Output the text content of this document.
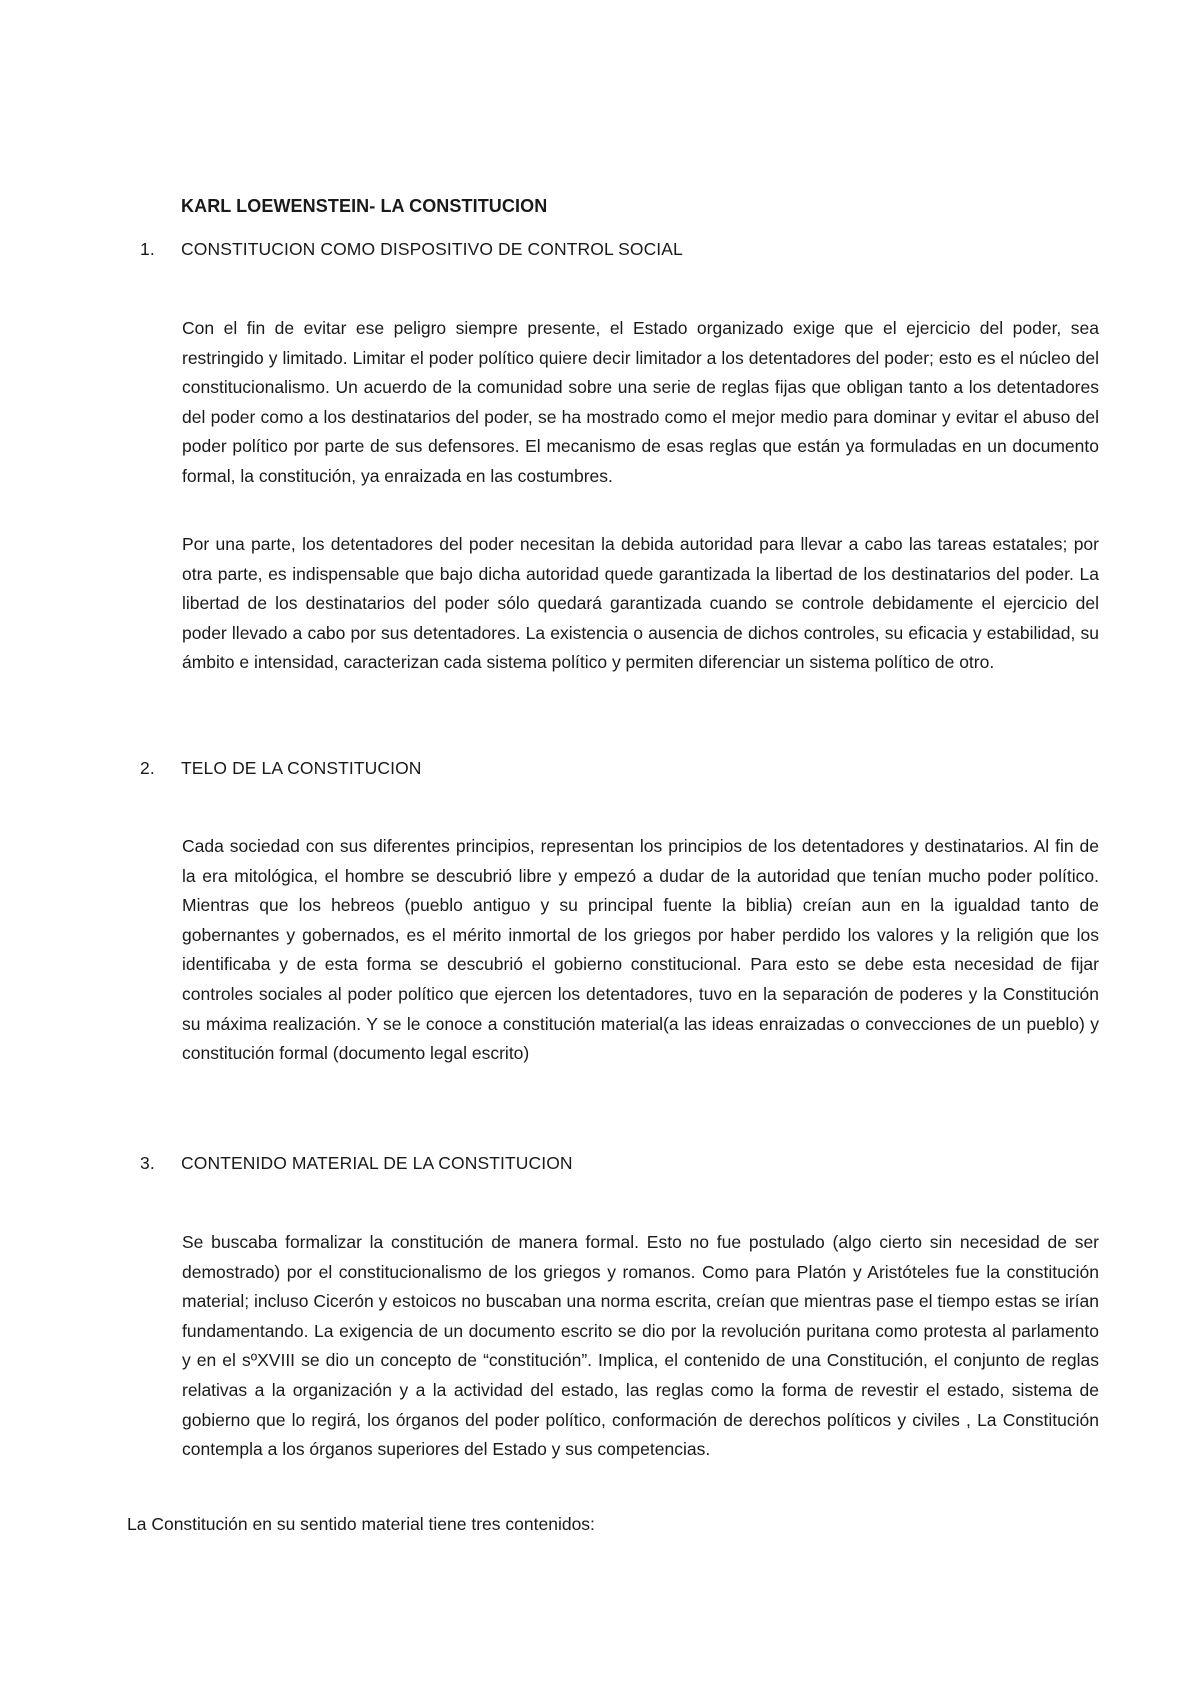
KARL LOEWENSTEIN- LA CONSTITUCION
1. CONSTITUCION COMO DISPOSITIVO DE CONTROL SOCIAL

Con el fin de evitar ese peligro siempre presente, el Estado organizado exige que el ejercicio del poder, sea restringido y limitado. Limitar el poder político quiere decir limitador a los detentadores del poder; esto es el núcleo del constitucionalismo. Un acuerdo de la comunidad sobre una serie de reglas fijas que obligan tanto a los detentadores del poder como a los destinatarios del poder, se ha mostrado como el mejor medio para dominar y evitar el abuso del poder político por parte de sus defensores. El mecanismo de esas reglas que están ya formuladas en un documento formal, la constitución, ya enraizada en las costumbres.

Por una parte, los detentadores del poder necesitan la debida autoridad para llevar a cabo las tareas estatales; por otra parte, es indispensable que bajo dicha autoridad quede garantizada la libertad de los destinatarios del poder. La libertad de los destinatarios del poder sólo quedará garantizada cuando se controle debidamente el ejercicio del poder llevado a cabo por sus detentadores. La existencia o ausencia de dichos controles, su eficacia y estabilidad, su ámbito e intensidad, caracterizan cada sistema político y permiten diferenciar un sistema político de otro.

2. TELO DE LA CONSTITUCION

Cada sociedad con sus diferentes principios, representan los principios de los detentadores y destinatarios. Al fin de la era mitológica, el hombre se descubrió libre y empezó a dudar de la autoridad que tenían mucho poder político. Mientras que los hebreos (pueblo antiguo y su principal fuente la biblia) creían aun en la igualdad tanto de gobernantes y gobernados, es el mérito inmortal de los griegos por haber perdido los valores y la religión que los identificaba y de esta forma se descubrió el gobierno constitucional. Para esto se debe esta necesidad de fijar controles sociales al poder político que ejercen los detentadores, tuvo en la separación de poderes y la Constitución su máxima realización. Y se le conoce a constitución material(a las ideas enraizadas o convecciones de un pueblo) y constitución formal (documento legal escrito)

3. CONTENIDO MATERIAL DE LA CONSTITUCION

Se buscaba formalizar la constitución de manera formal. Esto no fue postulado (algo cierto sin necesidad de ser demostrado) por el constitucionalismo de los griegos y romanos. Como para Platón y Aristóteles fue la constitución material; incluso Cicerón y estoicos no buscaban una norma escrita, creían que mientras pase el tiempo estas se irían fundamentando. La exigencia de un documento escrito se dio por la revolución puritana como protesta al parlamento y en el sºXVIII se dio un concepto de “constitución”. Implica, el contenido de una Constitución, el conjunto de reglas relativas a la organización y a la actividad del estado, las reglas como la forma de revestir el estado, sistema de gobierno que lo regirá, los órganos del poder político, conformación de derechos políticos y civiles , La Constitución contempla a los órganos superiores del Estado y sus competencias.

La Constitución en su sentido material tiene tres contenidos:
